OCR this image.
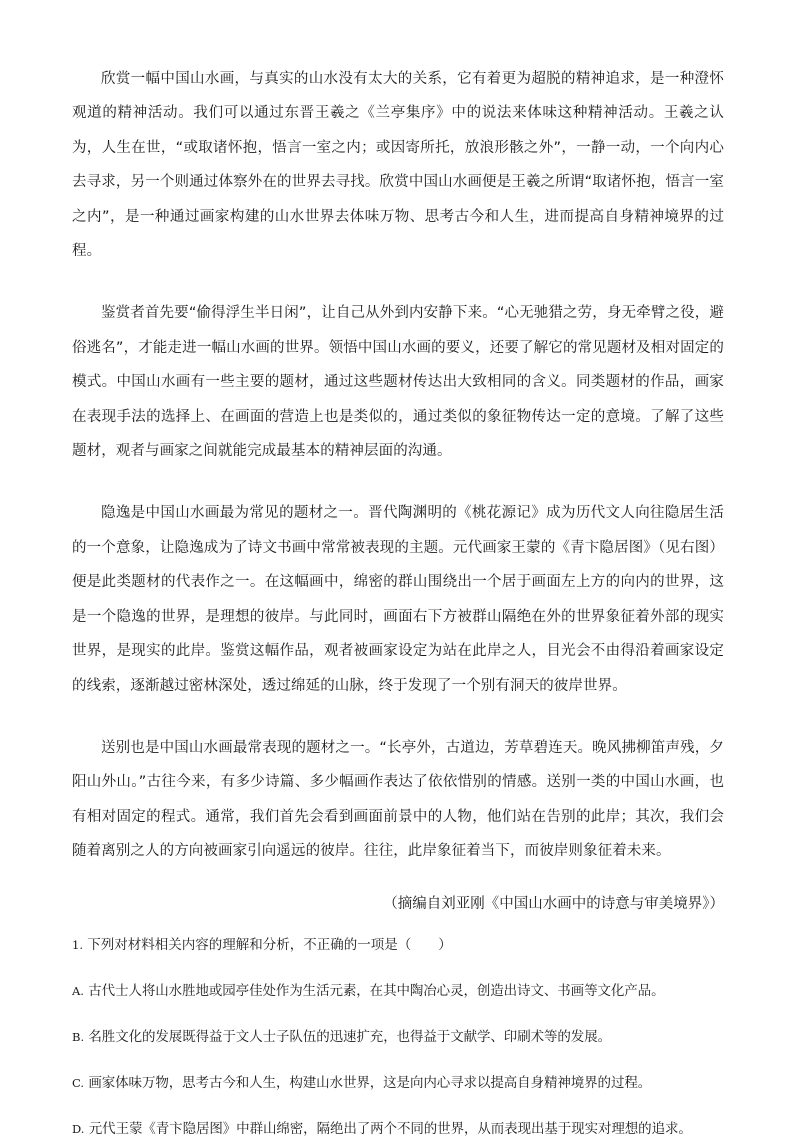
欣赏一幅中国山水画，与真实的山水没有太大的关系，它有着更为超脱的精神追求，是一种澄怀观道的精神活动。我们可以通过东晋王羲之《兰亭集序》中的说法来体味这种精神活动。王羲之认为，人生在世，“或取诸怀抱，悟言一室之内；或因寄所托，放浪形骸之外”，一静一动，一个向内心去寻求，另一个则通过体察外在的世界去寻找。欣赏中国山水画便是王羲之所谓“取诸怀抱，悟言一室之内”，是一种通过画家构建的山水世界去体味万物、思考古今和人生，进而提高自身精神境界的过程。

鉴赏者首先要“偷得浮生半日闲”，让自己从外到内安静下来。“心无驰猎之劳，身无牵臂之役，避俗逃名”，才能走进一幅山水画的世界。领悟中国山水画的要义，还要了解它的常见题材及相对固定的模式。中国山水画有一些主要的题材，通过这些题材传达出大致相同的含义。同类题材的作品，画家在表现手法的选择上、在画面的营造上也是类似的，通过类似的象征物传达一定的意境。了解了这些题材，观者与画家之间就能完成最基本的精神层面的沟通。

隐逸是中国山水画最为常见的题材之一。晋代陶渊明的《桃花源记》成为历代文人向往隐居生活的一个意象，让隐逸成为了诗文书画中常常被表现的主题。元代画家王蒙的《青卞隐居图》（见右图）便是此类题材的代表作之一。在这幅画中，绵密的群山围绕出一个居于画面左上方的向内的世界，这是一个隐逸的世界，是理想的彼岸。与此同时，画面右下方被群山隔绝在外的世界象征着外部的现实世界，是现实的此岸。鉴赏这幅作品，观者被画家设定为站在此岸之人，目光会不由得沿着画家设定的线索，逐渐越过密林深处，透过绵延的山脉，终于发现了一个别有洞天的彼岸世界。

送别也是中国山水画最常表现的题材之一。“长亭外，古道边，芳草碧连天。晚风拂柳笛声残，夕阳山外山。”古往今来，有多少诗篇、多少幅画作表达了依依惜别的情感。送别一类的中国山水画，也有相对固定的程式。通常，我们首先会看到画面前景中的人物，他们站在告别的此岸；其次，我们会随着离别之人的方向被画家引向遥远的彼岸。往往，此岸象征着当下，而彼岸则象征着未来。

（摘编自刘亚刚《中国山水画中的诗意与审美境界》）

1. 下列对材料相关内容的理解和分析，不正确的一项是（　　）

A. 古代士人将山水胜地或园亭佳处作为生活元素，在其中陶冶心灵，创造出诗文、书画等文化产品。

B. 名胜文化的发展既得益于文人士子队伍的迅速扩充，也得益于文献学、印刷术等的发展。

C. 画家体味万物，思考古今和人生，构建山水世界，这是向内心寻求以提高自身精神境界的过程。

D. 元代王蒙《青卞隐居图》中群山绵密，隔绝出了两个不同的世界，从而表现出基于现实对理想的追求。
